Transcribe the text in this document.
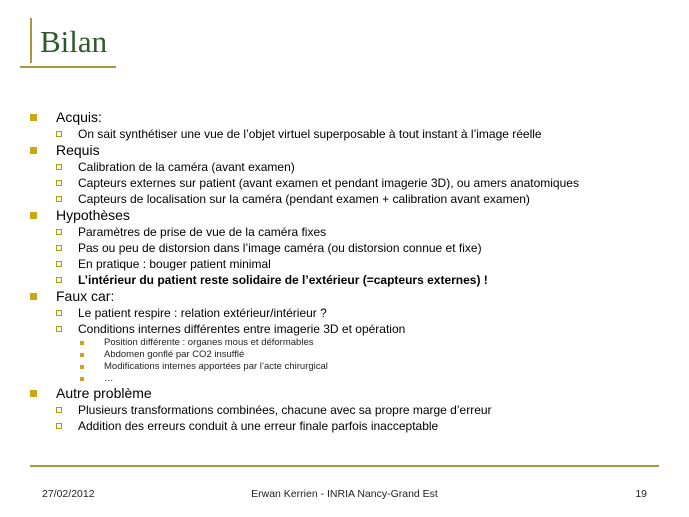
Bilan
Acquis:
On sait synthétiser une vue de l’objet virtuel superposable à tout instant à l’image réelle
Requis
Calibration de la caméra (avant examen)
Capteurs externes sur patient (avant examen et pendant imagerie 3D), ou amers anatomiques
Capteurs de localisation sur la caméra (pendant examen + calibration avant examen)
Hypothèses
Paramètres de prise de vue de la caméra fixes
Pas ou peu de distorsion dans l’image caméra (ou distorsion connue et fixe)
En pratique : bouger patient minimal
L’intérieur du patient reste solidaire de l’extérieur (=capteurs externes) !
Faux car:
Le patient respire : relation extérieur/intérieur ?
Conditions internes différentes entre imagerie 3D et opération
Position différente : organes mous et déformables
Abdomen gonflé par CO2 insufflé
Modifications internes apportées par l’acte chirurgical
…
Autre problème
Plusieurs transformations combinées, chacune avec sa propre marge d’erreur
Addition des erreurs conduit à une erreur finale parfois inacceptable
27/02/2012	Erwan Kerrien - INRIA Nancy-Grand Est	19
